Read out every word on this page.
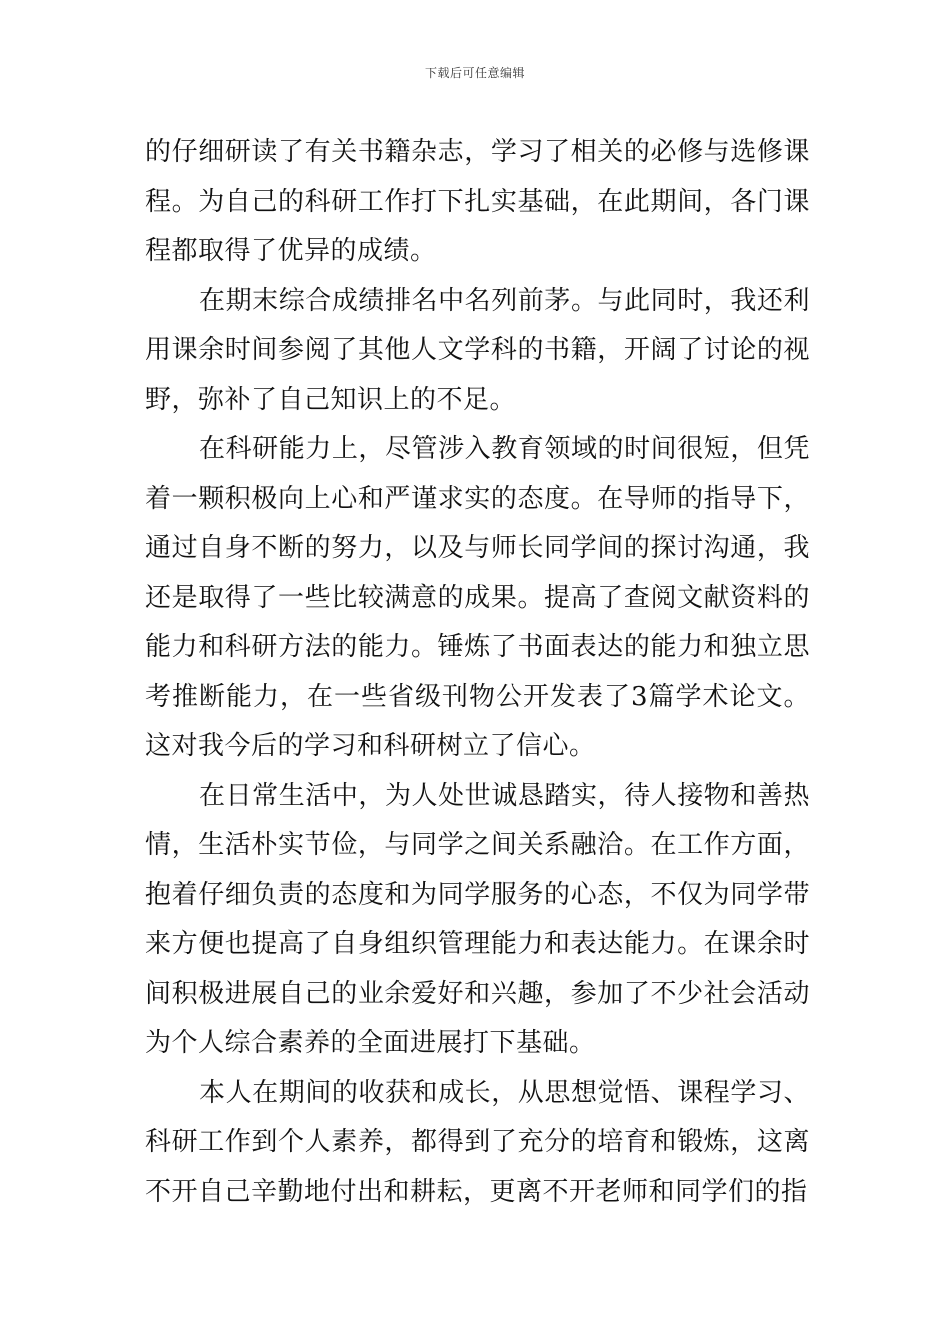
下载后可任意编辑

的仔细研读了有关书籍杂志，学习了相关的必修与选修课程。为自己的科研工作打下扎实基础，在此期间，各门课程都取得了优异的成绩。

在期末综合成绩排名中名列前茅。与此同时，我还利用课余时间参阅了其他人文学科的书籍，开阔了讨论的视野，弥补了自己知识上的不足。

在科研能力上，尽管涉入教育领域的时间很短，但凭着一颗积极向上心和严谨求实的态度。在导师的指导下，通过自身不断的努力，以及与师长同学间的探讨沟通，我还是取得了一些比较满意的成果。提高了查阅文献资料的能力和科研方法的能力。锤炼了书面表达的能力和独立思考推断能力，在一些省级刊物公开发表了3篇学术论文。这对我今后的学习和科研树立了信心。

在日常生活中，为人处世诚恳踏实，待人接物和善热情，生活朴实节俭，与同学之间关系融洽。在工作方面，抱着仔细负责的态度和为同学服务的心态，不仅为同学带来方便也提高了自身组织管理能力和表达能力。在课余时间积极进展自己的业余爱好和兴趣，参加了不少社会活动为个人综合素养的全面进展打下基础。

本人在期间的收获和成长，从思想觉悟、课程学习、科研工作到个人素养，都得到了充分的培育和锻炼，这离不开自己辛勤地付出和耕耘，更离不开老师和同学们的指
